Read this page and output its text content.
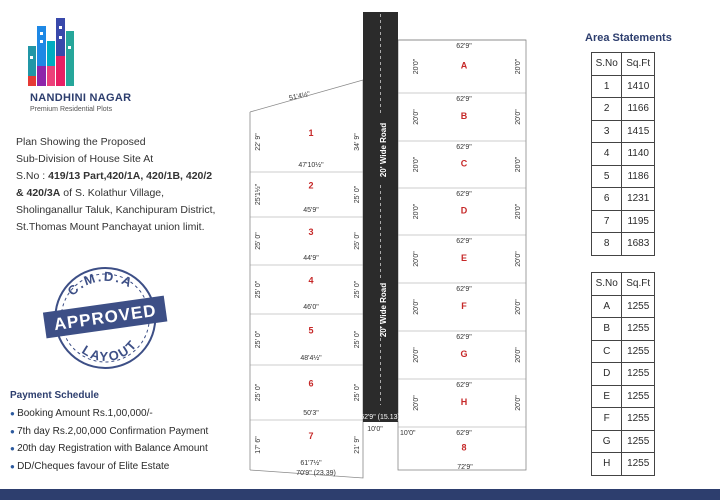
NANDHINI NAGAR
Premium Residential Plots
Plan Showing the Proposed
Sub-Division of House Site At
S.No : 419/13 Part,420/1A, 420/1B, 420/2
& 420/3A of S. Kolathur Village,
Sholinganallur Taluk, Kanchipuram District,
St.Thomas Mount Panchayat union limit.
C.M.D.A
LAYOUT
APPROVED
Payment Schedule
● Booking Amount Rs.1,00,000/-
● 7th day Rs.2,00,000 Confirmation Payment
● 20th day Registration with Balance Amount
● DD/Cheques favour of Elite Estate
20' Wide Road
20' Wide Road
62'9" (15.13)
1
47'10½"
22' 9"	34' 9"
2
45'9"
25'1½"	25' 0"
3
44'9"
25' 0"	25' 0"
4
46'0"
25' 0"	25' 0"
5
48'4½"
25' 0"	25' 0"
6
50'3"
25' 0"	25' 0"
7
61'7½"
17' 6"	21' 9"
62'9"
A
20'0"	20'0"
62'9"
B
20'0"	20'0"
62'9"
C
20'0"	20'0"
62'9"
D
20'0"	20'0"
62'9"
E
20'0"	20'0"
62'9"
F
20'0"	20'0"
62'9"
G
20'0"	20'0"
62'9"
H
20'0"	20'0"
62'9"
8
10'0"
51'4½"
70'9" (23.39)
10'0"
72'9"
Area Statements
S.No	Sq.Ft
1	1410
2	1166
3	1415
4	1140
5	1186
6	1231
7	1195
8	1683
S.No	Sq.Ft
A	1255
B	1255
C	1255
D	1255
E	1255
F	1255
G	1255
H	1255
